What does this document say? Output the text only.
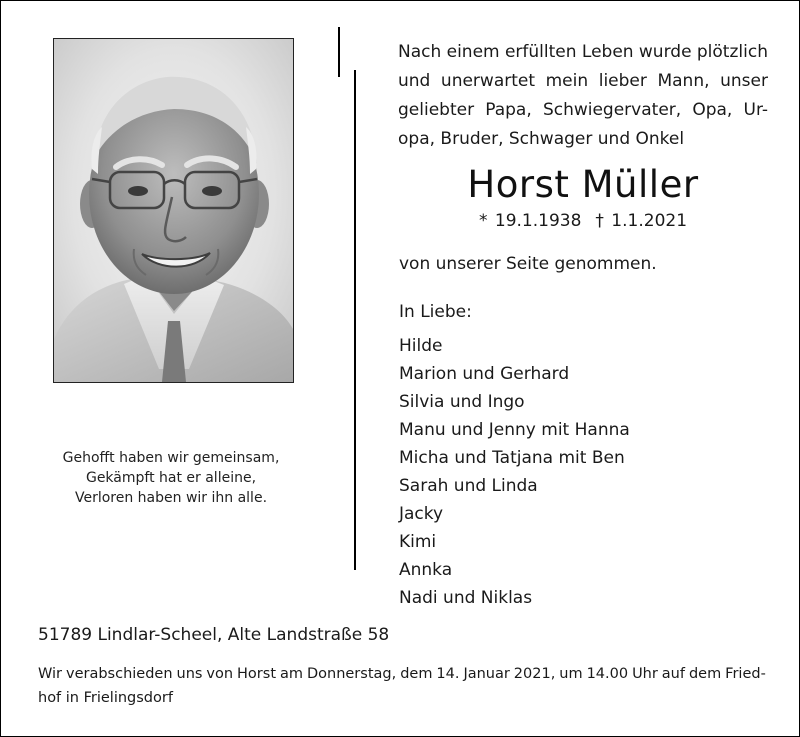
Gehofft haben wir gemeinsam,
Gekämpft hat er alleine,
Verloren haben wir ihn alle.
Nach einem erfüllten Leben wurde plötzlich
und unerwartet mein lieber Mann, unser
geliebter Papa, Schwiegervater, Opa, Ur-
opa, Bruder, Schwager und Onkel
Horst Müller
* 19.1.1938 † 1.1.2021
von unserer Seite genommen.
In Liebe:
Hilde
Marion und Gerhard
Silvia und Ingo
Manu und Jenny mit Hanna
Micha und Tatjana mit Ben
Sarah und Linda
Jacky
Kimi
Annka
Nadi und Niklas
51789 Lindlar-Scheel, Alte Landstraße 58
Wir verabschieden uns von Horst am Donnerstag, dem 14. Januar 2021, um 14.00 Uhr auf dem Fried-
hof in Frielingsdorf
